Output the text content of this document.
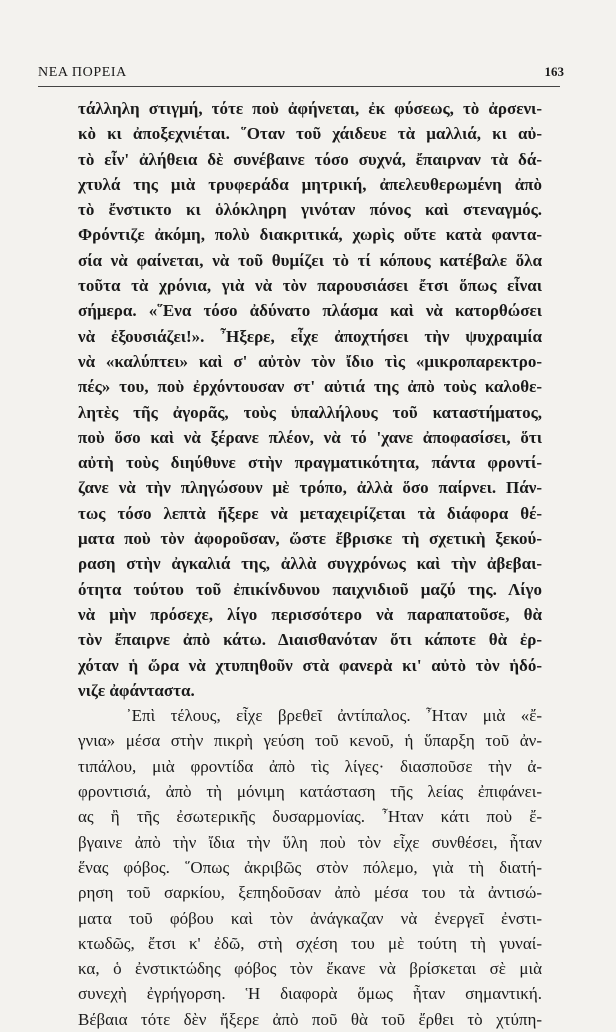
ΝΕΑ ΠΟΡΕΙΑ	163
τάλληλη στιγμή, τότε ποὺ ἀφήνεται, ἐκ φύσεως, τὸ ἀρσενι-
κὸ κι ἀποξεχνιέται. ῞Οταν τοῦ χάιδευε τὰ μαλλιά, κι αὐ-
τὸ εἶν' ἀλήθεια δὲ συνέβαινε τόσο συχνά, ἔπαιρναν τὰ δά-
χτυλά της μιὰ τρυφεράδα μητρική, ἀπελευθερωμένη ἀπὸ
τὸ ἔνστικτο κι ὁλόκληρη γινόταν πόνος καὶ στεναγμός.
Φρόντιζε ἀκόμη, πολὺ διακριτικά, χωρὶς οὔτε κατὰ φαντα-
σία νὰ φαίνεται, νὰ τοῦ θυμίζει τὸ τί κόπους κατέβαλε ὅλα
τοῦτα τὰ χρόνια, γιὰ νὰ τὸν παρουσιάσει ἔτσι ὅπως εἶναι
σήμερα. «῞Ενα τόσο ἀδύνατο πλάσμα καὶ νὰ κατορθώσει
νὰ ἐξουσιάζει!». ῏Ηξερε, εἶχε ἀποχτήσει τὴν ψυχραιμία
νὰ «καλύπτει» καὶ σ' αὐτὸν τὸν ἴδιο τὶς «μικροπαρεκτρο-
πές» του, ποὺ ἐρχόντουσαν στ' αὐτιά της ἀπὸ τοὺς καλοθε-
λητὲς τῆς ἀγορᾶς, τοὺς ὑπαλλήλους τοῦ καταστήματος,
ποὺ ὅσο καὶ νὰ ξέρανε πλέον, νὰ τό 'χανε ἀποφασίσει, ὅτι
αὐτὴ τοὺς διηύθυνε στὴν πραγματικότητα, πάντα φροντί-
ζανε νὰ τὴν πληγώσουν μὲ τρόπο, ἀλλὰ ὅσο παίρνει. Πάν-
τως τόσο λεπτὰ ἤξερε νὰ μεταχειρίζεται τὰ διάφορα θέ-
ματα ποὺ τὸν ἀφοροῦσαν, ὥστε ἔβρισκε τὴ σχετικὴ ξεκού-
ραση στὴν ἀγκαλιά της, ἀλλὰ συγχρόνως καὶ τὴν ἀβεβαι-
ότητα τούτου τοῦ ἐπικίνδυνου παιχνιδιοῦ μαζύ της. Λίγο
νὰ μὴν πρόσεχε, λίγο περισσότερο νὰ παραπατοῦσε, θὰ
τὸν ἔπαιρνε ἀπὸ κάτω. Διαισθανόταν ὅτι κάποτε θὰ ἐρ-
χόταν ἡ ὥρα νὰ χτυπηθοῦν στὰ φανερὰ κι' αὐτὸ τὸν ἡδό-
νιζε ἀφάνταστα.
᾽Επὶ τέλους, εἶχε βρεθεῖ ἀντίπαλος. ῏Ηταν μιὰ «ἔ-
γνια» μέσα στὴν πικρὴ γεύση τοῦ κενοῦ, ἡ ὕπαρξη τοῦ ἀν-
τιπάλου, μιὰ φροντίδα ἀπὸ τὶς λίγες· διασποῦσε τὴν ἀ-
φροντισιά, ἀπὸ τὴ μόνιμη κατάσταση τῆς λείας ἐπιφάνει-
ας ἢ τῆς ἐσωτερικῆς δυσαρμονίας. ῏Ηταν κάτι ποὺ ἔ-
βγαινε ἀπὸ τὴν ἴδια τὴν ὕλη ποὺ τὸν εἶχε συνθέσει, ἦταν
ἕνας φόβος. ῞Οπως ἀκριβῶς στὸν πόλεμο, γιὰ τὴ διατή-
ρηση τοῦ σαρκίου, ξεπηδοῦσαν ἀπὸ μέσα του τὰ ἀντισώ-
ματα τοῦ φόβου καὶ τὸν ἀνάγκαζαν νὰ ἐνεργεῖ ἐνστι-
κτωδῶς, ἔτσι κ' ἐδῶ, στὴ σχέση του μὲ τούτη τὴ γυναί-
κα, ὁ ἐνστικτώδης φόβος τὸν ἔκανε νὰ βρίσκεται σὲ μιὰ
συνεχὴ ἐγρήγορση. Ἡ διαφορὰ ὅμως ἦταν σημαντική.
Βέβαια τότε δὲν ἤξερε ἀπὸ ποῦ θὰ τοῦ ἔρθει τὸ χτύπη-
